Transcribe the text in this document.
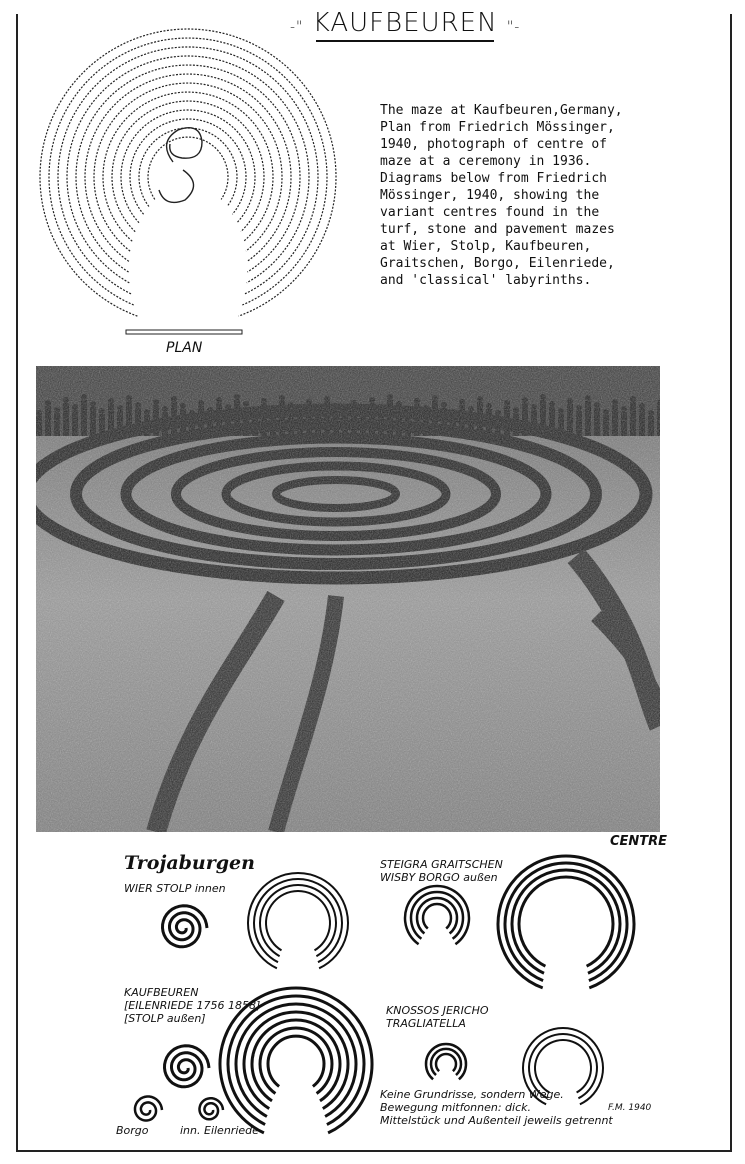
-" KAUFBEUREN "-
PLAN
The maze at Kaufbeuren,Germany,
Plan from Friedrich Mössinger,
1940, photograph of centre of
maze at a ceremony in 1936.
Diagrams below from Friedrich
Mössinger, 1940, showing the
variant centres found in the
turf, stone and pavement mazes
at Wier, Stolp, Kaufbeuren,
Graitschen, Borgo, Eilenriede,
and 'classical' labyrinths.
CENTRE
Trojaburgen
WIER STOLP innen
STEIGRA GRAITSCHEN
WISBY BORGO außen
KAUFBEUREN
[EILENRIEDE 1756 1858]
[STOLP außen]
KNOSSOS JERICHO
TRAGLIATELLA
Borgo	inn. Eilenriede
Keine Grundrisse, sondern Wege.
Bewegung mitfonnen: dick.
Mittelstück und Außenteil jeweils getrennt
F.M. 1940
